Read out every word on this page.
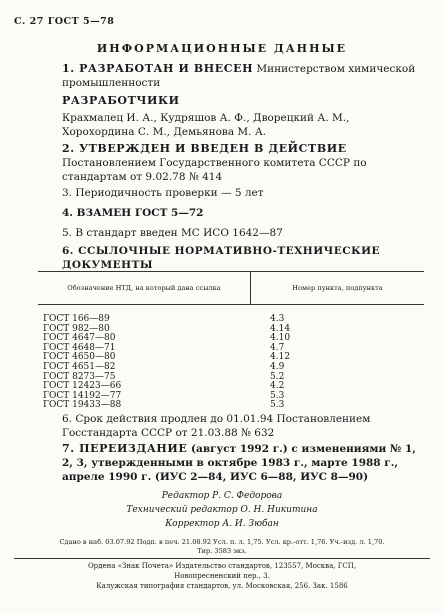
С. 27 ГОСТ 5—78
ИНФОРМАЦИОННЫЕ ДАННЫЕ
1. РАЗРАБОТАН И ВНЕСЕН Министерством химической промышленности
РАЗРАБОТЧИКИ
Крахмалец И. А., Кудряшов А. Ф., Дворецкий А. М., Хорохордина С. М., Демьянова М. А.
2. УТВЕРЖДЕН И ВВЕДЕН В ДЕЙСТВИЕ Постановлением Государственного комитета СССР по стандартам от 9.02.78 № 414
3. Периодичность проверки — 5 лет
4. ВЗАМЕН ГОСТ 5—72
5. В стандарт введен МС ИСО 1642—87
6. ССЫЛОЧНЫЕ НОРМАТИВНО-ТЕХНИЧЕСКИЕ ДОКУМЕНТЫ
Обозначение НТД, на который дана ссылка	Номер пункта, подпункта
ГОСТ 166—89	4.3
ГОСТ 982—80	4.14
ГОСТ 4647—80	4.10
ГОСТ 4648—71	4.7
ГОСТ 4650—80	4.12
ГОСТ 4651—82	4.9
ГОСТ 8273—75	5.2
ГОСТ 12423—66	4.2
ГОСТ 14192—77	5.3
ГОСТ 19433—88	5.3
6. Срок действия продлен до 01.01.94 Постановлением Госстандарта СССР от 21.03.88 № 632
7. ПЕРЕИЗДАНИЕ (август 1992 г.) с изменениями № 1, 2, 3, утвержденными в октябре 1983 г., марте 1988 г., апреле 1990 г. (ИУС 2—84, ИУС 6—88, ИУС 8—90)
Редактор Р. С. Федорова
Технический редактор О. Н. Никитина
Корректор А. И. Зюбан
Сдано в наб. 03.07.92 Подп. в печ. 21.08.92 Усл. п. л. 1,75. Усл. кр.-отт. 1,76. Уч.-изд. л. 1,70.
Тир. 3583 экз.
Ордена «Знак Почета» Издательство стандартов, 123557, Москва, ГСП,
Новопресненский пер., 3.
Калужская типография стандартов, ул. Московская, 256. Зак. 1586
